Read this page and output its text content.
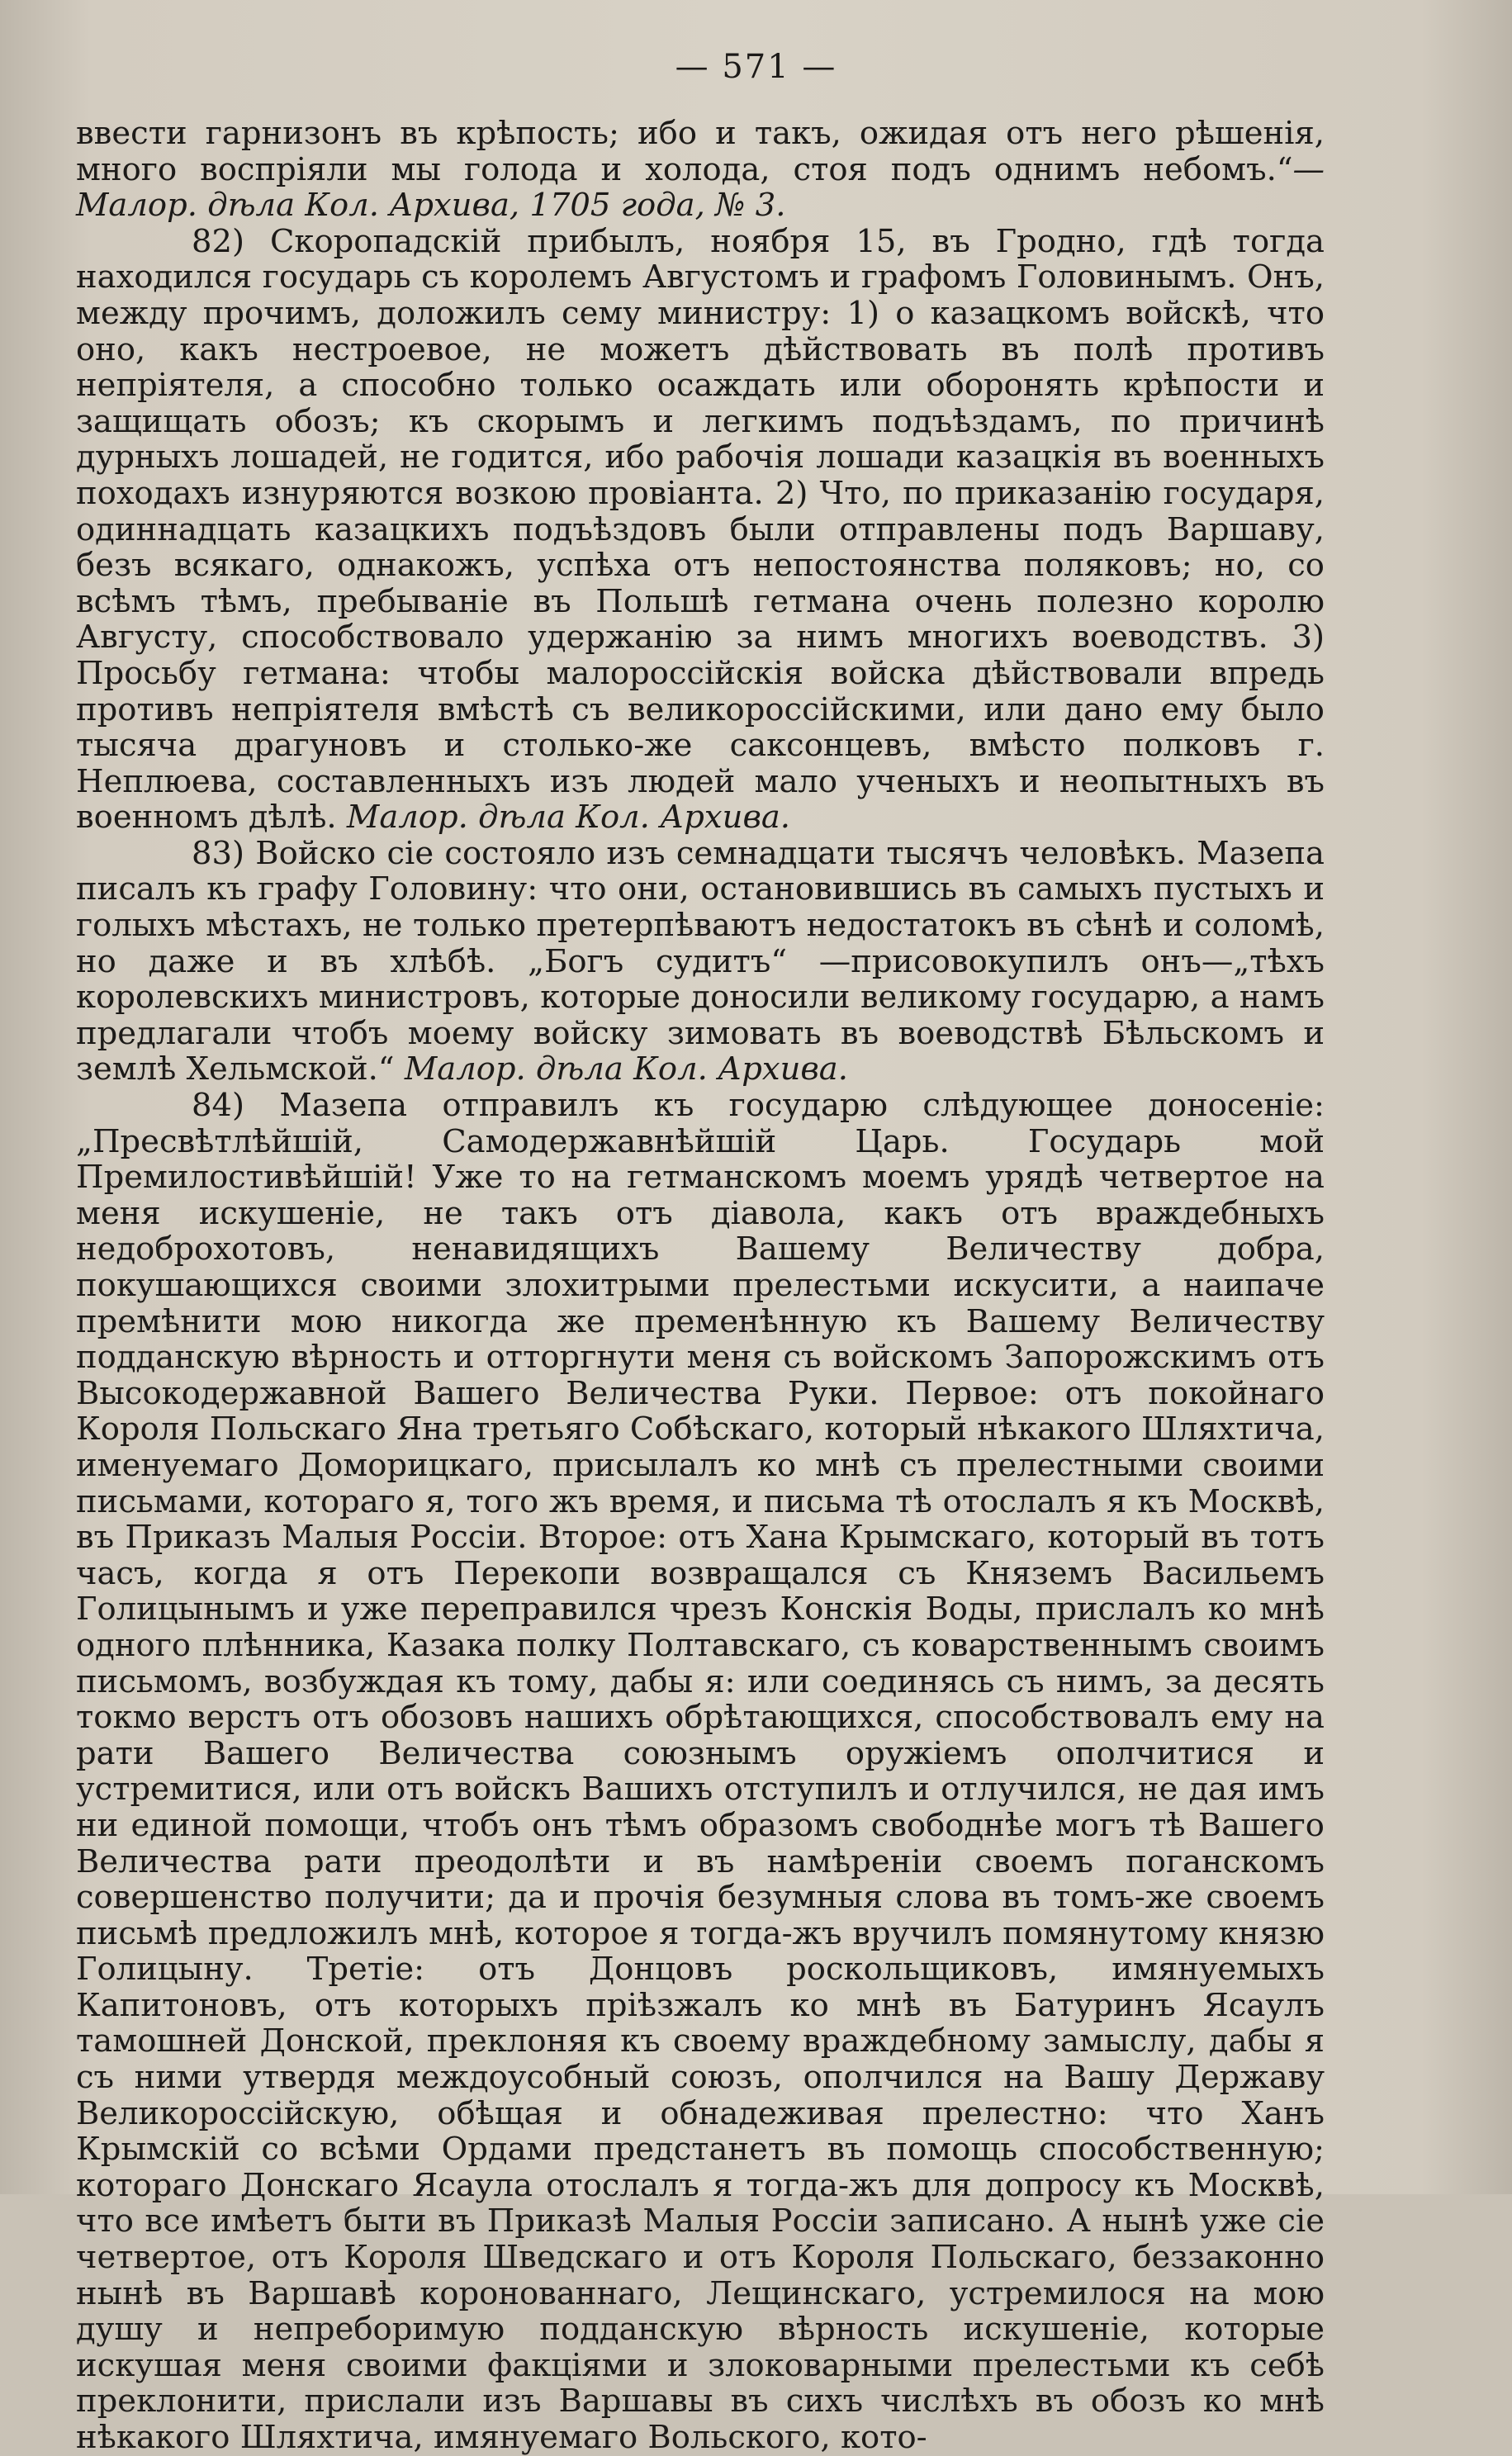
— 571 —

ввести гарнизонъ въ крѣпость; ибо и такъ, ожидая отъ него рѣшенія, много воспріяли мы голода и холода, стоя подъ однимъ небомъ.“—Малор. дѣла Кол. Архива, 1705 года, № 3.

82) Скоропадскій прибылъ, ноября 15, въ Гродно, гдѣ тогда находился государь съ королемъ Августомъ и графомъ Головинымъ. Онъ, между прочимъ, доложилъ сему министру: 1) о казацкомъ войскѣ, что оно, какъ нестроевое, не можетъ дѣйствовать въ полѣ противъ непріятеля, а способно только осаждать или оборонять крѣпости и защищать обозъ; къ скорымъ и легкимъ подъѣздамъ, по причинѣ дурныхъ лошадей, не годится, ибо рабочія лошади казацкія въ военныхъ походахъ изнуряются возкою провіанта. 2) Что, по приказанію государя, одиннадцать казацкихъ подъѣздовъ были отправлены подъ Варшаву, безъ всякаго, однакожъ, успѣха отъ непостоянства поляковъ; но, со всѣмъ тѣмъ, пребываніе въ Польшѣ гетмана очень полезно королю Августу, способствовало удержанію за нимъ многихъ воеводствъ. 3) Просьбу гетмана: чтобы малороссійскія войска дѣйствовали впредь противъ непріятеля вмѣстѣ съ великороссійскими, или дано ему было тысяча драгуновъ и столько-же саксонцевъ, вмѣсто полковъ г. Неплюева, составленныхъ изъ людей мало ученыхъ и неопытныхъ въ военномъ дѣлѣ. Малор. дѣла Кол. Архива.

83) Войско сіе состояло изъ семнадцати тысячъ человѣкъ. Мазепа писалъ къ графу Головину: что они, остановившись въ самыхъ пустыхъ и голыхъ мѣстахъ, не только претерпѣваютъ недостатокъ въ сѣнѣ и соломѣ, но даже и въ хлѣбѣ. „Богъ судитъ“ —присовокупилъ онъ—„тѣхъ королевскихъ министровъ, которые доносили великому государю, а намъ предлагали чтобъ моему войску зимовать въ воеводствѣ Бѣльскомъ и землѣ Хельмской.“ Малор. дѣла Кол. Архива.

84) Мазепа отправилъ къ государю слѣдующее доносеніе: „Пресвѣтлѣйшій, Самодержавнѣйшій Царь. Государь мой Премилостивѣйшій! Уже то на гетманскомъ моемъ урядѣ четвертое на меня искушеніе, не такъ отъ діавола, какъ отъ враждебныхъ недоброхотовъ, ненавидящихъ Вашему Величеству добра, покушающихся своими злохитрыми прелестьми искусити, а наипаче премѣнити мою никогда же пременѣнную къ Вашему Величеству подданскую вѣрность и отторгнути меня съ войскомъ Запорожскимъ отъ Высокодержавной Вашего Величества Руки. Первое: отъ покойнаго Короля Польскаго Яна третьяго Собѣскаго, который нѣкакого Шляхтича, именуемаго Доморицкаго, присылалъ ко мнѣ съ прелестными своими письмами, котораго я, того жъ время, и письма тѣ отослалъ я къ Москвѣ, въ Приказъ Малыя Россіи. Второе: отъ Хана Крымскаго, который въ тотъ часъ, когда я отъ Перекопи возвращался съ Княземъ Васильемъ Голицынымъ и уже переправился чрезъ Конскія Воды, прислалъ ко мнѣ одного плѣнника, Казака полку Полтавскаго, съ коварственнымъ своимъ письмомъ, возбуждая къ тому, дабы я: или соединясь съ нимъ, за десять токмо верстъ отъ обозовъ нашихъ обрѣтающихся, способствовалъ ему на рати Вашего Величества союзнымъ оружіемъ ополчитися и устремитися, или отъ войскъ Вашихъ отступилъ и отлучился, не дая имъ ни единой помощи, чтобъ онъ тѣмъ образомъ свободнѣе могъ тѣ Вашего Величества рати преодолѣти и въ намѣреніи своемъ поганскомъ совершенство получити; да и прочія безумныя слова въ томъ-же своемъ письмѣ предложилъ мнѣ, которое я тогда-жъ вручилъ помянутому князю Голицыну. Третіе: отъ Донцовъ роскольщиковъ, имянуемыхъ Капитоновъ, отъ которыхъ пріѣзжалъ ко мнѣ въ Батуринъ Ясаулъ тамошней Донской, преклоняя къ своему враждебному замыслу, дабы я съ ними утвердя междоусобный союзъ, ополчился на Вашу Державу Великороссійскую, обѣщая и обнадеживая прелестно: что Ханъ Крымскій со всѣми Ордами предстанетъ въ помощь способственную; котораго Донскаго Ясаула отослалъ я тогда-жъ для допросу къ Москвѣ, что все имѣетъ быти въ Приказѣ Малыя Россіи записано. А нынѣ уже сіе четвертое, отъ Короля Шведскаго и отъ Короля Польскаго, беззаконно нынѣ въ Варшавѣ коронованнаго, Лещинскаго, устремилося на мою душу и непреборимую подданскую вѣрность искушеніе, которые искушая меня своими факціями и злоковарными прелестьми къ себѣ преклонити, прислали изъ Варшавы въ сихъ числѣхъ въ обозъ ко мнѣ нѣкакого Шляхтича, имянуемаго Вольского, кото-
